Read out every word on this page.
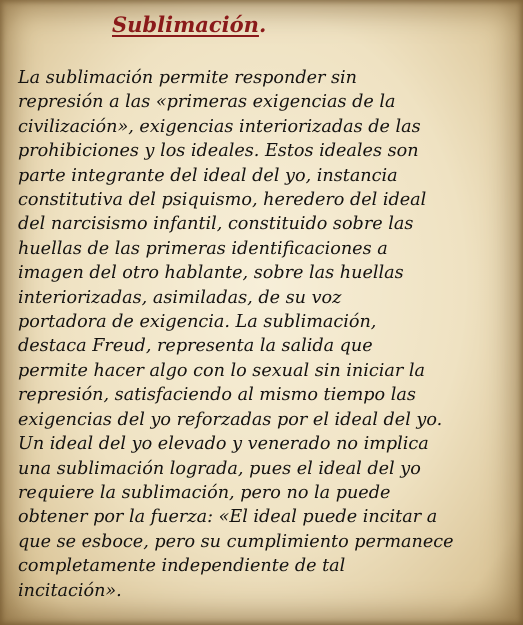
Sublimación.

La sublimación permite responder sin
represión a las «primeras exigencias de la
civilización», exigencias interiorizadas de las
prohibiciones y los ideales. Estos ideales son
parte integrante del ideal del yo, instancia
constitutiva del psiquismo, heredero del ideal
del narcisismo infantil, constituido sobre las
huellas de las primeras identificaciones a
imagen del otro hablante, sobre las huellas
interiorizadas, asimiladas, de su voz
portadora de exigencia. La sublimación,
destaca Freud, representa la salida que
permite hacer algo con lo sexual sin iniciar la
represión, satisfaciendo al mismo tiempo las
exigencias del yo reforzadas por el ideal del yo.
Un ideal del yo elevado y venerado no implica
una sublimación lograda, pues el ideal del yo
requiere la sublimación, pero no la puede
obtener por la fuerza: «El ideal puede incitar a
que se esboce, pero su cumplimiento permanece
completamente independiente de tal
incitación».
